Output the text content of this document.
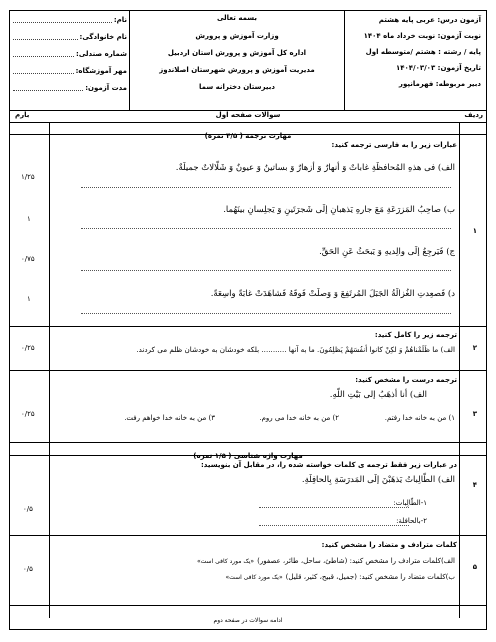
آزمون درس: عربی پایه هشتم
نوبت آزمون: نوبت خرداد ماه ۱۴۰۴
پایه / رشته : هشتم /متوسطه اول
تاریخ آزمون: ۱۴۰۴/۰۳/۰۳
دبیر مربوطه: فهرمانپور
بسمه تعالی
وزارت آموزش و پرورش
اداره کل آموزش و پرورش استان اردبیل
مدیریت آموزش و پرورش شهرستان اصلاندوز
دبیرستان دخترانه سما
نام:
نام خانوادگی:
شماره صندلی:
مهر آموزشگاه:
مدت آزمون:
ردیف
سوالات صفحه اول
بارم
مهارت ترجمه ( ۴/۵ نمره)
۱
عبارات زیر را به فارسی ترجمه کنید:
الف) فی هذهِ المُحافظَةِ غاباتٌ وَ أنهارٌ وَ أزهارٌ وَ بساتینُ وَ عیونٌ وَ شَلّالاتٌ جمیلَةٌ.
۱/۲۵
ب) صاحِبُ المَزرَعَةِ مَعَ جارهِ یَذهبانِ إلَی شَجرَتَینِ وَ یَجلِسانِ بینَهُما.
۱
ج) فَیَرجِعُ إلَی والِدیهِ وَ یَبحَثُ عَنِ الحَقِّ.
۰/۷۵
د) فَصعِدتِ الغُزالَةُ الجَبَلَ المُرتَفِعَ وَ وَصلَتْ فَوقَهُ فَشاهَدَتْ غابَةً واسِعَةً.
۱
۲
ترجمه زیر را کامل کنید:
الف) ما ظَلَمْناهُمْ وَ لکِنْ کانوا أنفُسَهُمْ یَظلِمُونَ. ما به آنها ........... بلکه خودشان به خودشان ظلم می کردند.
۰/۲۵
۳
ترجمه درست را مشخص کنید:
الف) أنا أذهَبُ إلی بَیْتِ اللّهِ.
۱) من به خانه خدا رفتم.
۲) من به خانه خدا می روم.
۳) من به خانه خدا خواهم رفت.
۰/۲۵
مهارت واژه شناسی ( ۱/۵ نمره)
۴
در عبارات زیر فقط ترجمه ی کلمات خواسته شده را، در مقابل آن بنویسید:
الف) الطّالِباتُ یَذهَبْنَ إلَی المَدرَسَةِ بِالحافِلَةِ.
۱-الطّالِبات:
۲-بالحافلة:
۰/۵
۵
کلمات مترادف و متضاد را مشخص کنید:
الف)کلمات مترادف را مشخص کنید: (شاطئ، ساحل، طائر، عصفور)
«یک مورد کافی است»
ب)کلمات متضاد را مشخص کنید: (جمیل، قبیح، کثیر، قلیل)
«یک مورد کافی است»
۰/۵
ادامه سوالات در صفحه دوم
